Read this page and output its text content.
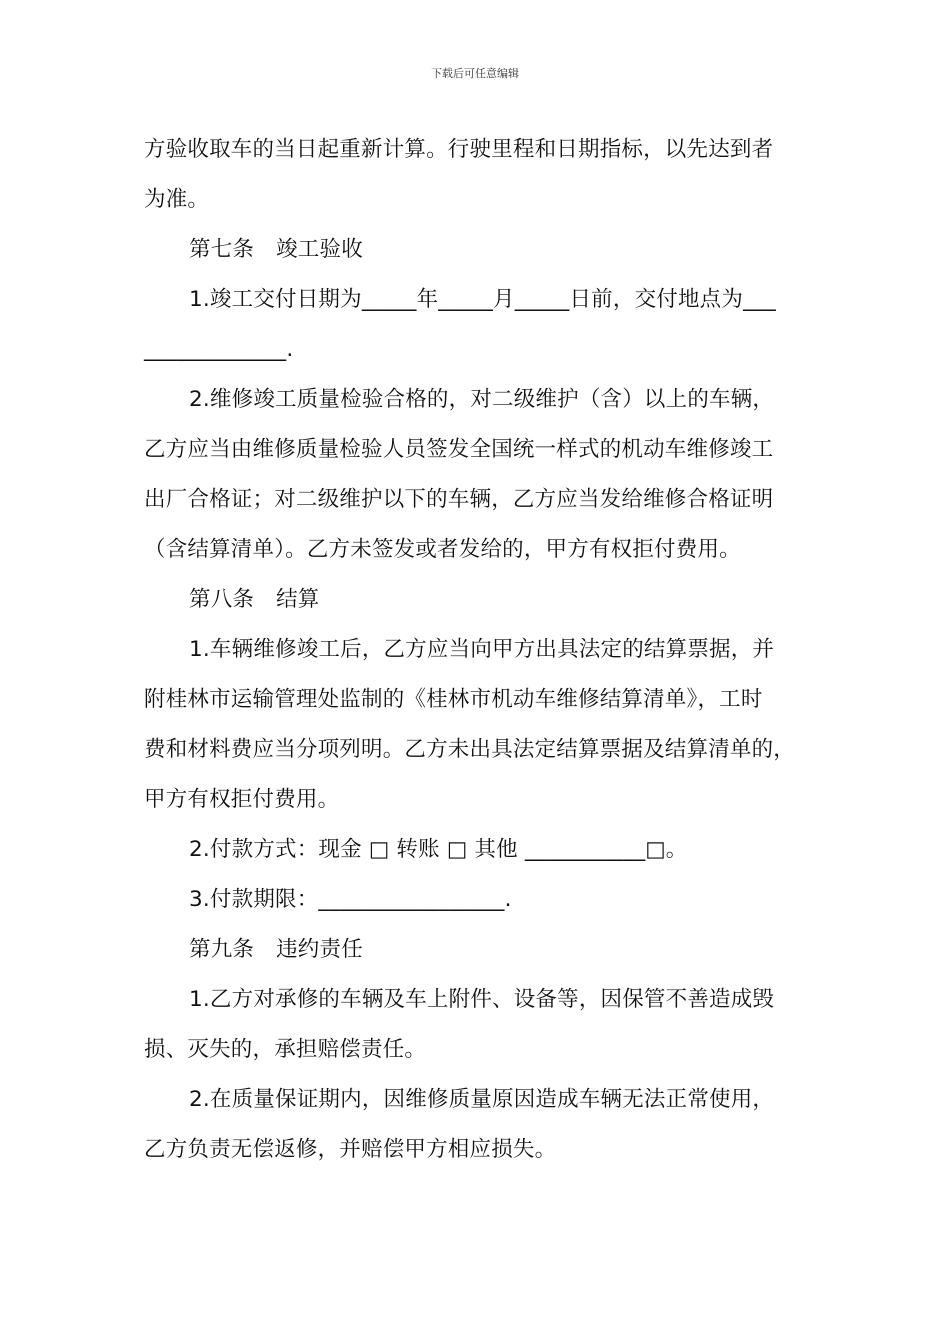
下载后可任意编辑
方验收取车的当日起重新计算。行驶里程和日期指标，以先达到者
为准。
第七条 竣工验收
1.竣工交付日期为_____年_____月_____日前，交付地点为___
_____________.
2.维修竣工质量检验合格的，对二级维护（含）以上的车辆，
乙方应当由维修质量检验人员签发全国统一样式的机动车维修竣工
出厂合格证；对二级维护以下的车辆，乙方应当发给维修合格证明
（含结算清单）。乙方未签发或者发给的，甲方有权拒付费用。
第八条 结算
1.车辆维修竣工后，乙方应当向甲方出具法定的结算票据，并
附桂林市运输管理处监制的《桂林市机动车维修结算清单》，工时
费和材料费应当分项列明。乙方未出具法定结算票据及结算清单的，
甲方有权拒付费用。
2.付款方式：现金 □ 转账 □ 其他 ___________□。
3.付款期限：_________________.
第九条 违约责任
1.乙方对承修的车辆及车上附件、设备等，因保管不善造成毁
损、灭失的，承担赔偿责任。
2.在质量保证期内，因维修质量原因造成车辆无法正常使用，
乙方负责无偿返修，并赔偿甲方相应损失。
